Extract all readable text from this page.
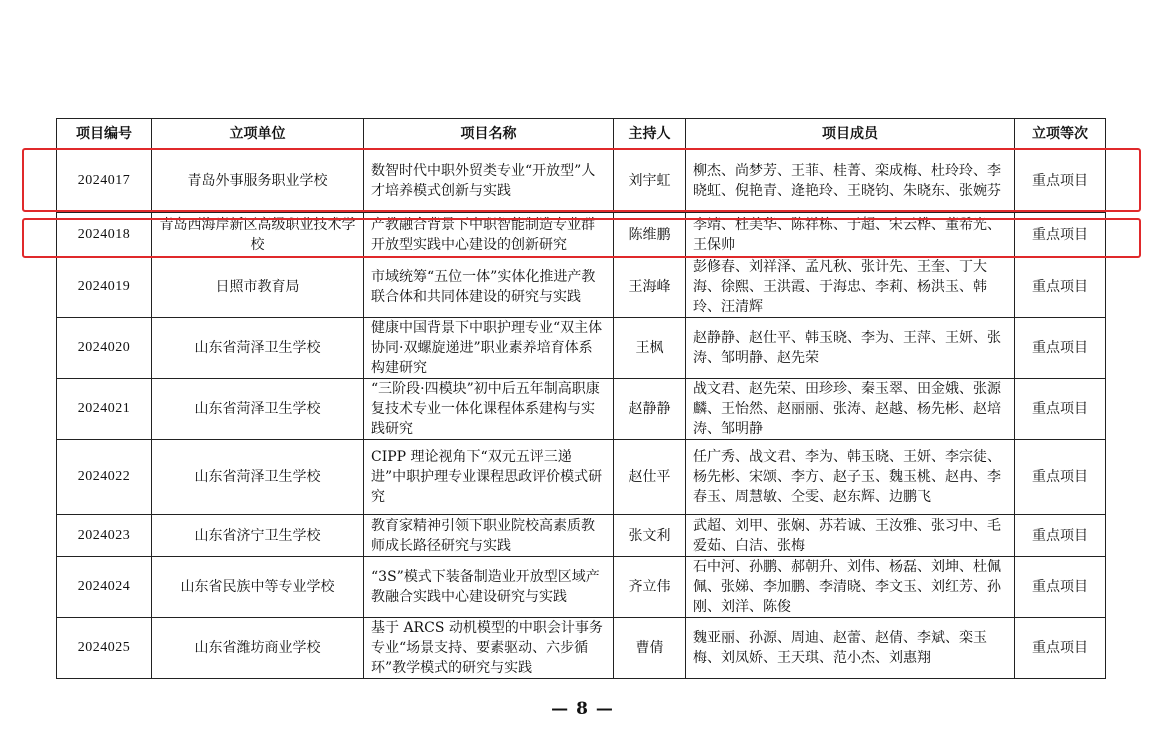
项目编号	立项单位	项目名称	主持人	项目成员	立项等次
2024017	青岛外事服务职业学校	数智时代中职外贸类专业“开放型”人才培养模式创新与实践	刘宇虹	柳杰、尚梦芳、王菲、桂菁、栾成梅、杜玲玲、李晓虹、倪艳青、逄艳玲、王晓钧、朱晓东、张婉芬	重点项目
2024018	青岛西海岸新区高级职业技术学校	产教融合背景下中职智能制造专业群开放型实践中心建设的创新研究	陈维鹏	李靖、杜美华、陈祥栋、于超、宋云桦、董希光、王保帅	重点项目
2024019	日照市教育局	市域统筹“五位一体”实体化推进产教联合体和共同体建设的研究与实践	王海峰	彭修春、刘祥泽、孟凡秋、张计先、王奎、丁大海、徐熙、王洪霞、于海忠、李莉、杨洪玉、韩玲、汪清辉	重点项目
2024020	山东省菏泽卫生学校	健康中国背景下中职护理专业“双主体协同·双螺旋递进”职业素养培育体系构建研究	王枫	赵静静、赵仕平、韩玉晓、李为、王萍、王妍、张涛、邹明静、赵先荣	重点项目
2024021	山东省菏泽卫生学校	“三阶段·四模块”初中后五年制高职康复技术专业一体化课程体系建构与实践研究	赵静静	战文君、赵先荣、田珍珍、秦玉翠、田金娥、张源麟、王怡然、赵丽丽、张涛、赵越、杨先彬、赵培涛、邹明静	重点项目
2024022	山东省菏泽卫生学校	CIPP 理论视角下“双元五评三递进”中职护理专业课程思政评价模式研究	赵仕平	任广秀、战文君、李为、韩玉晓、王妍、李宗徒、杨先彬、宋颂、李方、赵子玉、魏玉桃、赵冉、李春玉、周慧敏、仝雯、赵东辉、边鹏飞	重点项目
2024023	山东省济宁卫生学校	教育家精神引领下职业院校高素质教师成长路径研究与实践	张文利	武超、刘甲、张娴、苏若诚、王汝雅、张习中、毛爱茹、白洁、张梅	重点项目
2024024	山东省民族中等专业学校	“3S”模式下装备制造业开放型区域产教融合实践中心建设研究与实践	齐立伟	石中河、孙鹏、郝朝升、刘伟、杨磊、刘坤、杜佩佩、张娣、李加鹏、李清晓、李文玉、刘红芳、孙刚、刘洋、陈俊	重点项目
2024025	山东省潍坊商业学校	基于 ARCS 动机模型的中职会计事务专业“场景支持、要素驱动、六步循环”教学模式的研究与实践	曹倩	魏亚丽、孙源、周迪、赵蕾、赵倩、李斌、栾玉梅、刘凤娇、王天琪、范小杰、刘惠翔	重点项目
— 8 —
